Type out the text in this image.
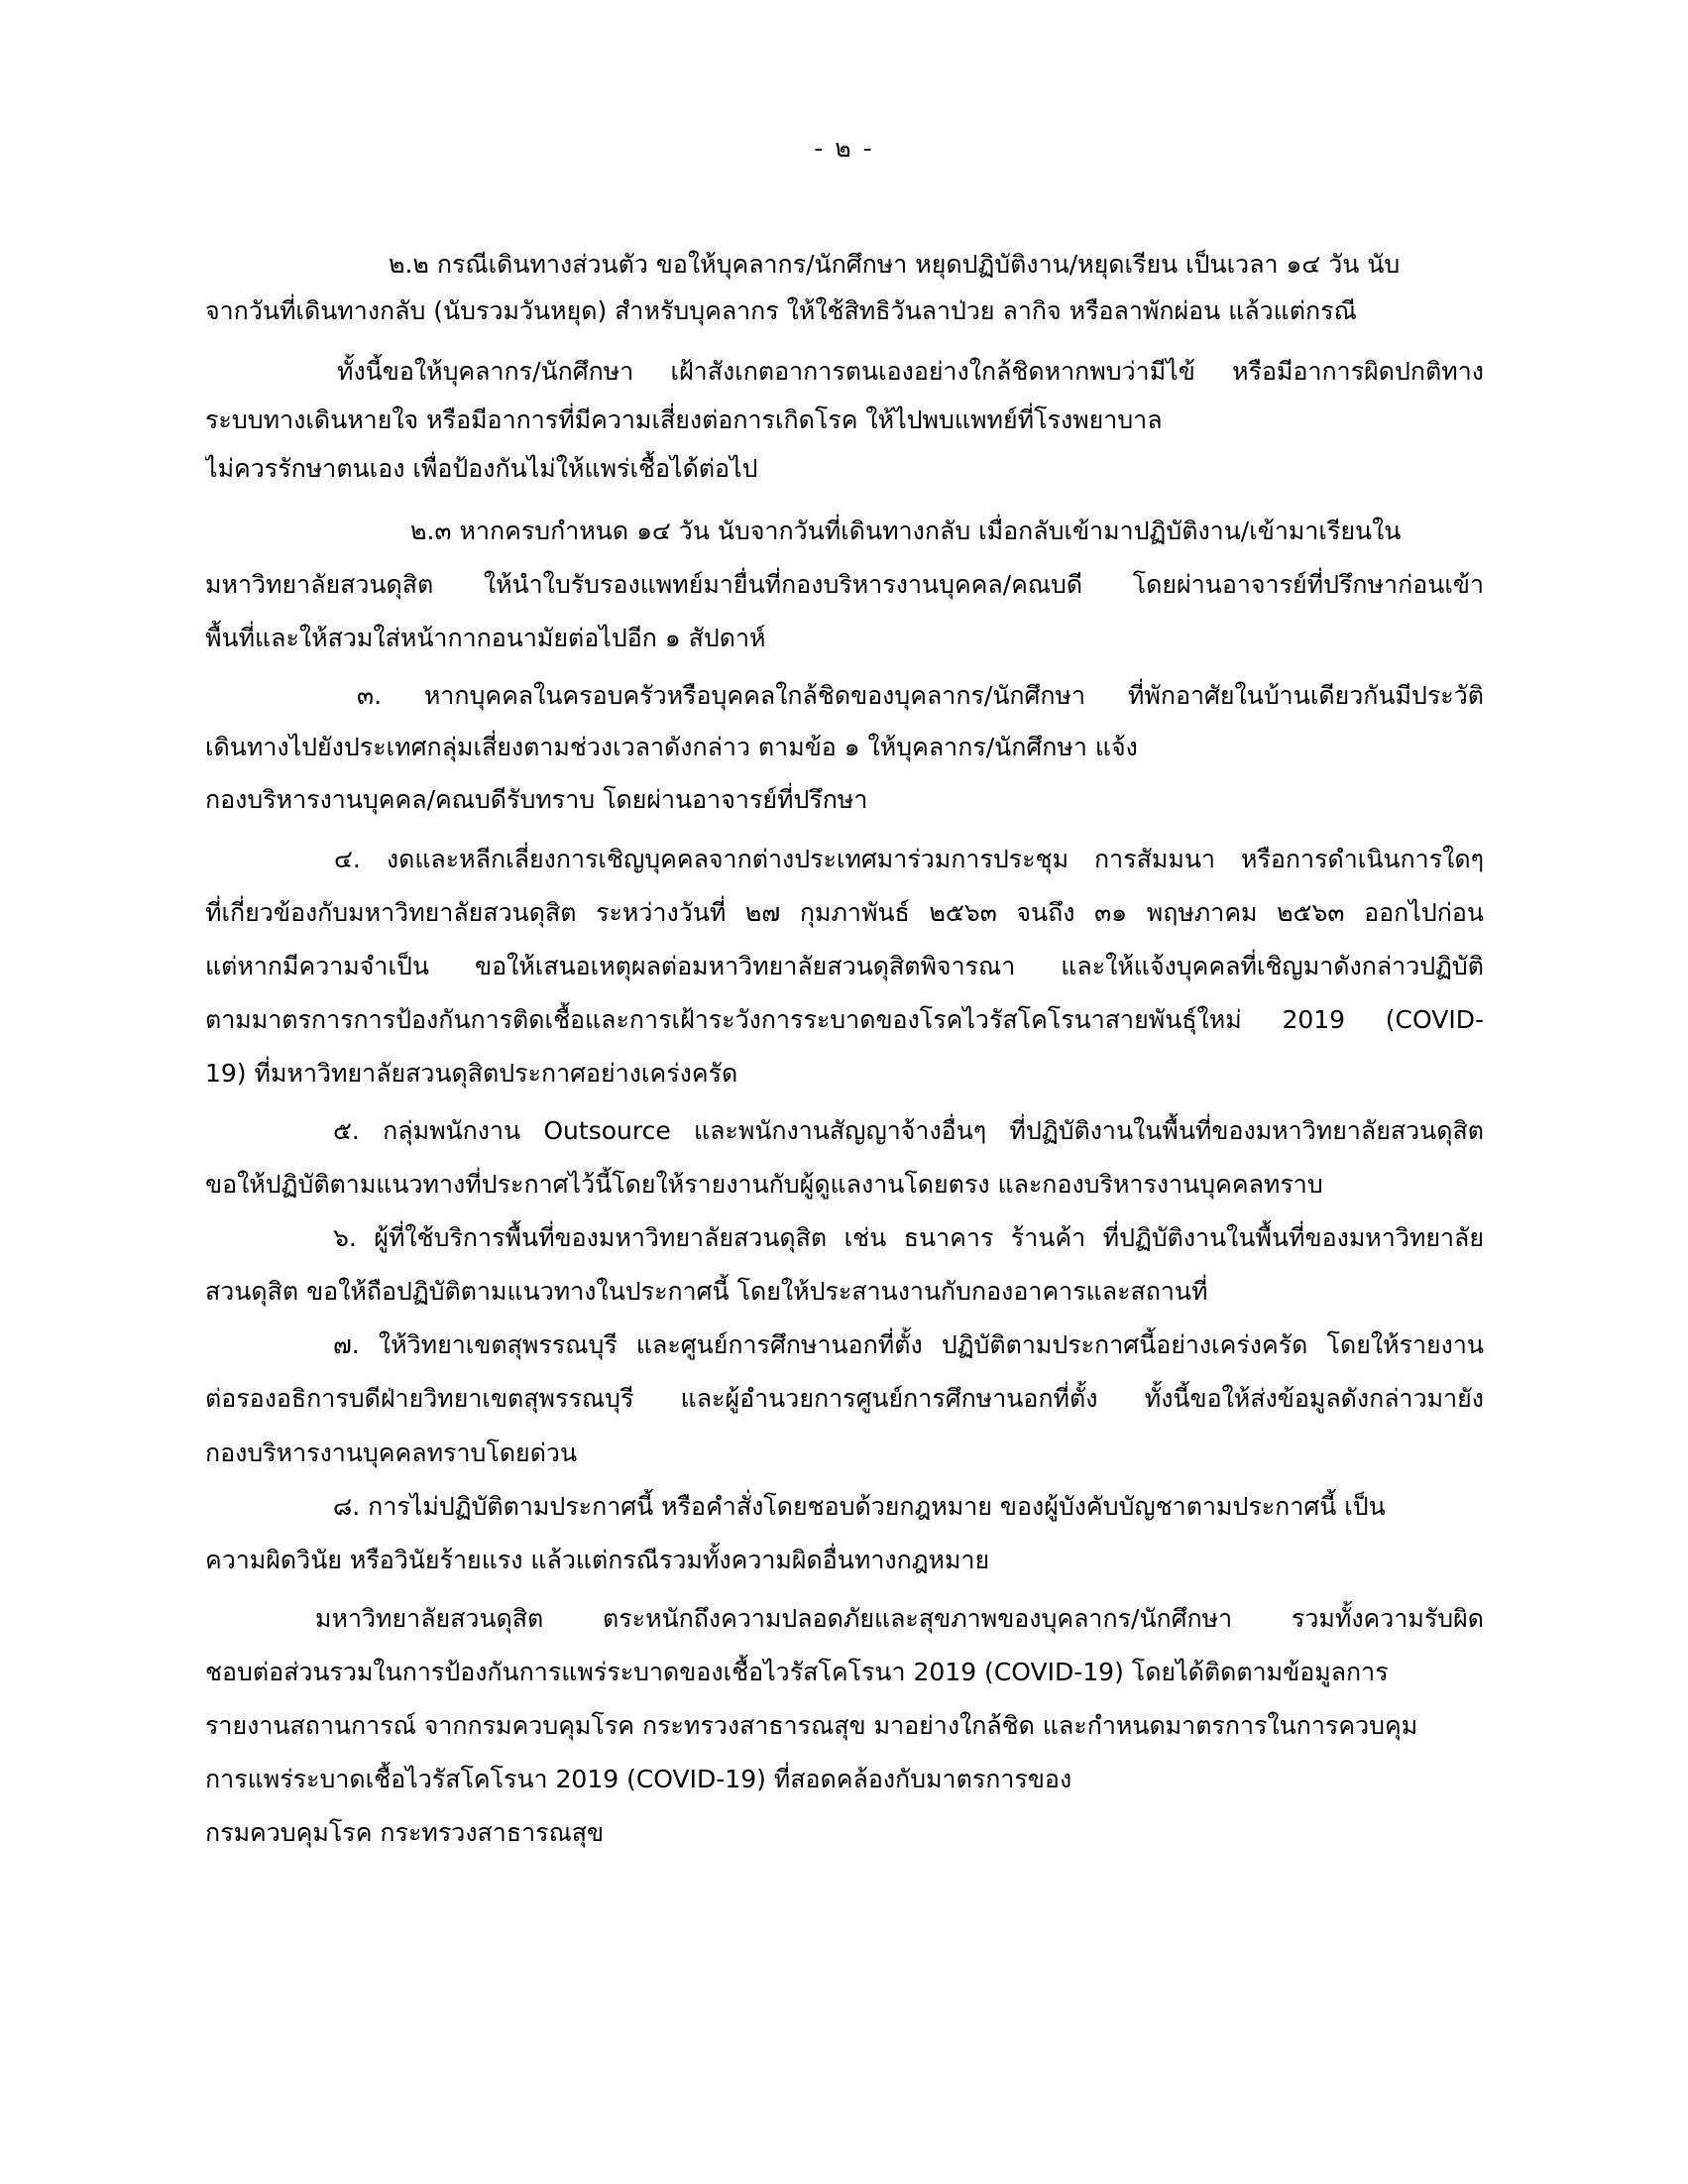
- ๒ -
๒.๒ กรณีเดินทางส่วนตัว ขอให้บุคลากร/นักศึกษา หยุดปฏิบัติงาน/หยุดเรียน เป็นเวลา ๑๔ วัน นับ
จากวันที่เดินทางกลับ (นับรวมวันหยุด) สำหรับบุคลากร ให้ใช้สิทธิวันลาป่วย ลากิจ หรือลาพักผ่อน แล้วแต่กรณี
ทั้งนี้ขอให้บุคลากร/นักศึกษา เฝ้าสังเกตอาการตนเองอย่างใกล้ชิดหากพบว่ามีไข้ หรือมีอาการผิดปกติทาง
ระบบทางเดินหายใจ หรือมีอาการที่มีความเสี่ยงต่อการเกิดโรค ให้ไปพบแพทย์ที่โรงพยาบาล
ไม่ควรรักษาตนเอง เพื่อป้องกันไม่ให้แพร่เชื้อได้ต่อไป
๒.๓ หากครบกำหนด ๑๔ วัน นับจากวันที่เดินทางกลับ เมื่อกลับเข้ามาปฏิบัติงาน/เข้ามาเรียนใน
มหาวิทยาลัยสวนดุสิต ให้นำใบรับรองแพทย์มายื่นที่กองบริหารงานบุคคล/คณบดี โดยผ่านอาจารย์ที่ปรึกษาก่อนเข้า
พื้นที่และให้สวมใส่หน้ากากอนามัยต่อไปอีก ๑ สัปดาห์
๓. หากบุคคลในครอบครัวหรือบุคคลใกล้ชิดของบุคลากร/นักศึกษา ที่พักอาศัยในบ้านเดียวกันมีประวัติ
เดินทางไปยังประเทศกลุ่มเสี่ยงตามช่วงเวลาดังกล่าว ตามข้อ ๑ ให้บุคลากร/นักศึกษา แจ้ง
กองบริหารงานบุคคล/คณบดีรับทราบ โดยผ่านอาจารย์ที่ปรึกษา
๔. งดและหลีกเลี่ยงการเชิญบุคคลจากต่างประเทศมาร่วมการประชุม การสัมมนา หรือการดำเนินการใดๆ
ที่เกี่ยวข้องกับมหาวิทยาลัยสวนดุสิต ระหว่างวันที่ ๒๗ กุมภาพันธ์ ๒๕๖๓ จนถึง ๓๑ พฤษภาคม ๒๕๖๓ ออกไปก่อน
แต่หากมีความจำเป็น ขอให้เสนอเหตุผลต่อมหาวิทยาลัยสวนดุสิตพิจารณา และให้แจ้งบุคคลที่เชิญมาดังกล่าวปฏิบัติ
ตามมาตรการการป้องกันการติดเชื้อและการเฝ้าระวังการระบาดของโรคไวรัสโคโรนาสายพันธุ์ใหม่ 2019 (COVID-
19) ที่มหาวิทยาลัยสวนดุสิตประกาศอย่างเคร่งครัด
๕. กลุ่มพนักงาน Outsource และพนักงานสัญญาจ้างอื่นๆ ที่ปฏิบัติงานในพื้นที่ของมหาวิทยาลัยสวนดุสิต
ขอให้ปฏิบัติตามแนวทางที่ประกาศไว้นี้โดยให้รายงานกับผู้ดูแลงานโดยตรง และกองบริหารงานบุคคลทราบ
๖. ผู้ที่ใช้บริการพื้นที่ของมหาวิทยาลัยสวนดุสิต เช่น ธนาคาร ร้านค้า ที่ปฏิบัติงานในพื้นที่ของมหาวิทยาลัย
สวนดุสิต ขอให้ถือปฏิบัติตามแนวทางในประกาศนี้ โดยให้ประสานงานกับกองอาคารและสถานที่
๗. ให้วิทยาเขตสุพรรณบุรี และศูนย์การศึกษานอกที่ตั้ง ปฏิบัติตามประกาศนี้อย่างเคร่งครัด โดยให้รายงาน
ต่อรองอธิการบดีฝ่ายวิทยาเขตสุพรรณบุรี และผู้อำนวยการศูนย์การศึกษานอกที่ตั้ง ทั้งนี้ขอให้ส่งข้อมูลดังกล่าวมายัง
กองบริหารงานบุคคลทราบโดยด่วน
๘. การไม่ปฏิบัติตามประกาศนี้ หรือคำสั่งโดยชอบด้วยกฎหมาย ของผู้บังคับบัญชาตามประกาศนี้ เป็น
ความผิดวินัย หรือวินัยร้ายแรง แล้วแต่กรณีรวมทั้งความผิดอื่นทางกฎหมาย
มหาวิทยาลัยสวนดุสิต ตระหนักถึงความปลอดภัยและสุขภาพของบุคลากร/นักศึกษา รวมทั้งความรับผิด
ชอบต่อส่วนรวมในการป้องกันการแพร่ระบาดของเชื้อไวรัสโคโรนา 2019 (COVID-19) โดยได้ติดตามข้อมูลการ
รายงานสถานการณ์ จากกรมควบคุมโรค กระทรวงสาธารณสุข มาอย่างใกล้ชิด และกำหนดมาตรการในการควบคุม
การแพร่ระบาดเชื้อไวรัสโคโรนา 2019 (COVID-19) ที่สอดคล้องกับมาตรการของ
กรมควบคุมโรค กระทรวงสาธารณสุข
